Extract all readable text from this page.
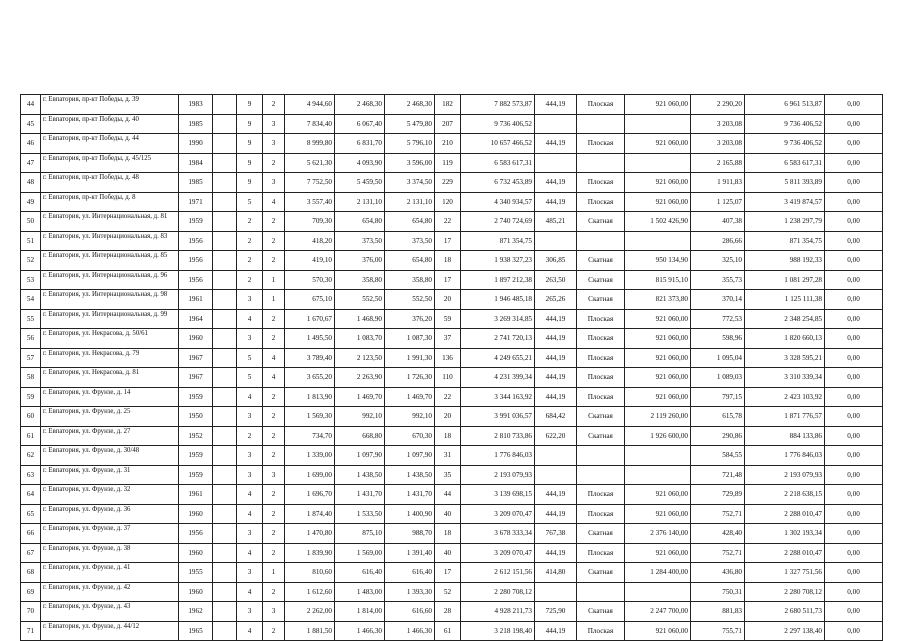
44	г. Евпатория, пр-кт Победы, д. 39	1983		9	2	4 944,60	2 468,30	2 468,30	182	7 882 573,87	444,19	Плоская	921 060,00	2 290,20	6 961 513,87	0,00
45	г. Евпатория, пр-кт Победы, д. 40	1985		9	3	7 834,40	6 067,40	5 479,80	207	9 736 406,52				3 203,08	9 736 406,52	0,00
46	г. Евпатория, пр-кт Победы, д. 44	1990		9	3	8 999,80	6 831,70	5 796,10	210	10 657 466,52	444,19	Плоская	921 060,00	3 203,08	9 736 406,52	0,00
47	г. Евпатория, пр-кт Победы, д. 45/125	1984		9	2	5 621,30	4 093,90	3 596,00	119	6 583 617,31				2 165,88	6 583 617,31	0,00
48	г. Евпатория, пр-кт Победы, д. 48	1985		9	3	7 752,50	5 459,50	3 374,50	229	6 732 453,89	444,19	Плоская	921 060,00	1 911,83	5 811 393,89	0,00
49	г. Евпатория, пр-кт Победы, д. 8	1971		5	4	3 557,40	2 131,10	2 131,10	120	4 340 934,57	444,19	Плоская	921 060,00	1 125,07	3 419 874,57	0,00
50	г. Евпатория, ул. Интернациональная, д. 81	1959		2	2	709,30	654,80	654,80	22	2 740 724,69	485,21	Скатная	1 502 426,90	407,38	1 238 297,79	0,00
51	г. Евпатория, ул. Интернациональная, д. 83	1956		2	2	418,20	373,50	373,50	17	871 354,75				286,66	871 354,75	0,00
52	г. Евпатория, ул. Интернациональная, д. 85	1956		2	2	419,10	376,00	654,80	18	1 938 327,23	306,85	Скатная	950 134,90	325,10	988 192,33	0,00
53	г. Евпатория, ул. Интернациональная, д. 96	1956		2	1	570,30	358,80	358,80	17	1 897 212,38	263,50	Скатная	815 915,10	355,73	1 081 297,28	0,00
54	г. Евпатория, ул. Интернациональная, д. 98	1961		3	1	675,10	552,50	552,50	20	1 946 485,18	265,26	Скатная	821 373,80	370,14	1 125 111,38	0,00
55	г. Евпатория, ул. Интернациональная, д. 99	1964		4	2	1 670,67	1 468,90	376,20	59	3 269 314,85	444,19	Плоская	921 060,00	772,53	2 348 254,85	0,00
56	г. Евпатория, ул. Некрасова, д. 50/61	1960		3	2	1 495,50	1 083,70	1 087,30	37	2 741 720,13	444,19	Плоская	921 060,00	598,96	1 820 660,13	0,00
57	г. Евпатория, ул. Некрасова, д. 79	1967		5	4	3 789,40	2 123,50	1 991,30	136	4 249 655,21	444,19	Плоская	921 060,00	1 095,04	3 328 595,21	0,00
58	г. Евпатория, ул. Некрасова, д. 81	1967		5	4	3 655,20	2 263,90	1 726,30	110	4 231 399,34	444,19	Плоская	921 060,00	1 089,03	3 310 339,34	0,00
59	г. Евпатория, ул. Фрунзе, д. 14	1959		4	2	1 813,90	1 469,70	1 469,70	22	3 344 163,92	444,19	Плоская	921 060,00	797,15	2 423 103,92	0,00
60	г. Евпатория, ул. Фрунзе, д. 25	1950		3	2	1 569,30	992,10	992,10	20	3 991 036,57	684,42	Скатная	2 119 260,00	615,78	1 871 776,57	0,00
61	г. Евпатория, ул. Фрунзе, д. 27	1952		2	2	734,70	668,80	670,30	18	2 810 733,86	622,20	Скатная	1 926 600,00	290,86	884 133,86	0,00
62	г. Евпатория, ул. Фрунзе, д. 30/48	1959		3	2	1 339,00	1 097,90	1 097,90	31	1 776 846,03				584,55	1 776 846,03	0,00
63	г. Евпатория, ул. Фрунзе, д. 31	1959		3	3	1 699,00	1 438,50	1 438,50	35	2 193 079,93				721,48	2 193 079,93	0,00
64	г. Евпатория, ул. Фрунзе, д. 32	1961		4	2	1 696,70	1 431,70	1 431,70	44	3 139 698,15	444,19	Плоская	921 060,00	729,89	2 218 638,15	0,00
65	г. Евпатория, ул. Фрунзе, д. 36	1960		4	2	1 874,40	1 533,50	1 400,90	40	3 209 070,47	444,19	Плоская	921 060,00	752,71	2 288 010,47	0,00
66	г. Евпатория, ул. Фрунзе, д. 37	1956		3	2	1 470,80	875,10	988,70	18	3 678 333,34	767,38	Скатная	2 376 140,00	428,40	1 302 193,34	0,00
67	г. Евпатория, ул. Фрунзе, д. 38	1960		4	2	1 839,90	1 569,00	1 391,40	40	3 209 070,47	444,19	Плоская	921 060,00	752,71	2 288 010,47	0,00
68	г. Евпатория, ул. Фрунзе, д. 41	1955		3	1	810,60	616,40	616,40	17	2 612 151,56	414,80	Скатная	1 284 400,00	436,80	1 327 751,56	0,00
69	г. Евпатория, ул. Фрунзе, д. 42	1960		4	2	1 612,60	1 483,00	1 393,30	52	2 280 708,12				750,31	2 280 708,12	0,00
70	г. Евпатория, ул. Фрунзе, д. 43	1962		3	3	2 262,00	1 814,00	616,60	28	4 928 211,73	725,90	Скатная	2 247 700,00	881,83	2 680 511,73	0,00
71	г. Евпатория, ул. Фрунзе, д. 44/12	1965		4	2	1 881,50	1 466,30	1 466,30	61	3 218 198,40	444,19	Плоская	921 060,00	755,71	2 297 138,40	0,00
